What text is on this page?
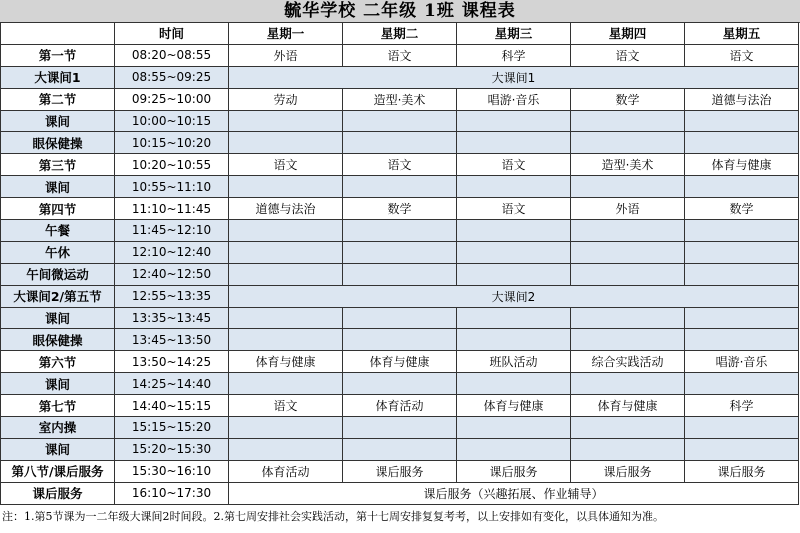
毓华学校 二年级 1班 课程表
	时间	星期一	星期二	星期三	星期四	星期五
第一节	08:20~08:55	外语	语文	科学	语文	语文
大课间1	08:55~09:25	大课间1				
第二节	09:25~10:00	劳动	造型·美术	唱游·音乐	数学	道德与法治
课间	10:00~10:15					
眼保健操	10:15~10:20					
第三节	10:20~10:55	语文	语文	语文	造型·美术	体育与健康
课间	10:55~11:10					
第四节	11:10~11:45	道德与法治	数学	语文	外语	数学
午餐	11:45~12:10					
午休	12:10~12:40					
午间微运动	12:40~12:50					
大课间2/第五节	12:55~13:35	大课间2				
课间	13:35~13:45					
眼保健操	13:45~13:50					
第六节	13:50~14:25	体育与健康	体育与健康	班队活动	综合实践活动	唱游·音乐
课间	14:25~14:40					
第七节	14:40~15:15	语文	体育活动	体育与健康	体育与健康	科学
室内操	15:15~15:20					
课间	15:20~15:30					
第八节/课后服务	15:30~16:10	体育活动	课后服务	课后服务	课后服务	课后服务
课后服务	16:10~17:30	课后服务（兴趣拓展、作业辅导）				
注：1.第5节课为一二年级大课间2时间段。2.第七周安排社会实践活动，第十七周安排复复考考，以上安排如有变化，以具体通知为准。
